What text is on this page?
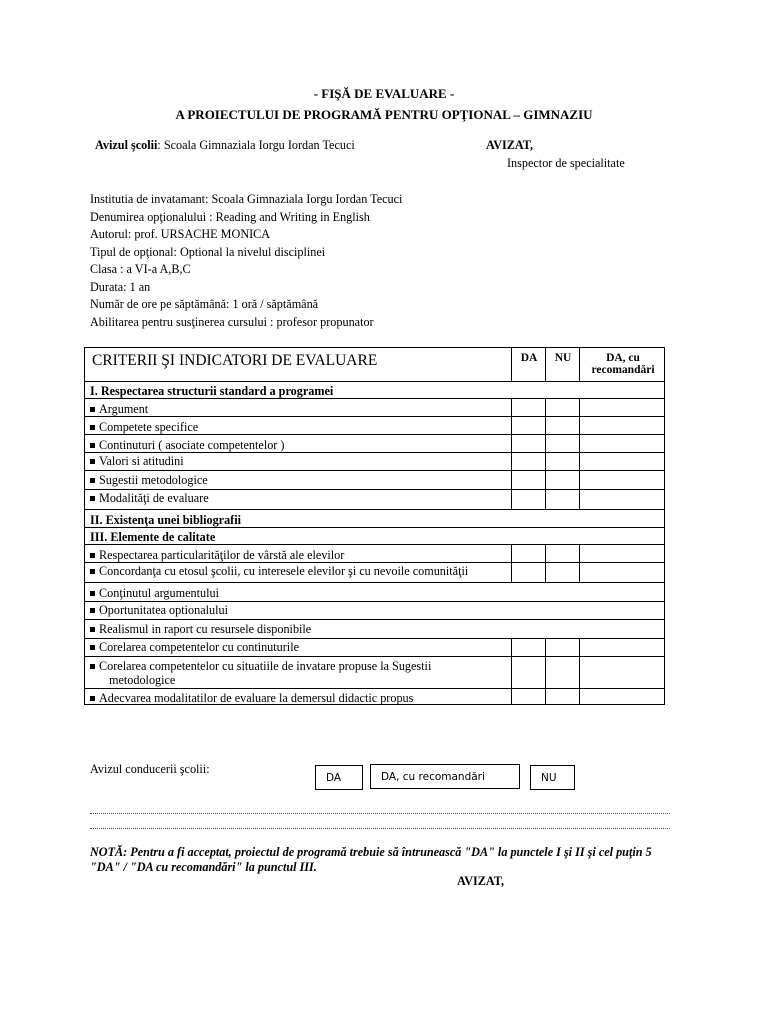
- FIŞĂ DE EVALUARE -
A PROIECTULUI DE PROGRAMĂ PENTRU OPŢIONAL – GIMNAZIU
Avizul şcolii: Scoala Gimnaziala Iorgu Iordan Tecuci	AVIZAT,
Inspector de specialitate
Institutia de invatamant: Scoala Gimnaziala Iorgu Iordan Tecuci
Denumirea opţionalului : Reading and Writing in English
Autorul: prof. URSACHE MONICA
Tipul de opţional: Optional la nivelul disciplinei
Clasa : a VI-a A,B,C
Durata: 1 an
Număr de ore pe săptămână: 1 oră / săptămână
Abilitarea pentru susţinerea cursului : profesor propunator
CRITERII ŞI INDICATORI DE EVALUARE	DA	NU	DA, cu
recomandări
I. Respectarea structurii standard a programei
Argument
Competete specifice
Continuturi ( asociate competentelor )
Valori si atitudini
Sugestii metodologice
Modalităţi de evaluare
II. Existenţa unei bibliografii
III. Elemente de calitate
Respectarea particularităţilor de vârstă ale elevilor
Concordanţa cu etosul şcolii, cu interesele elevilor şi cu nevoile comunităţii
Conţinutul argumentului
Oportunitatea optionalului
Realismul in raport cu resursele disponibile
Corelarea competentelor cu continuturile
Corelarea competentelor cu situatiile de invatare propuse la Sugestii
metodologice
Adecvarea modalitatilor de evaluare la demersul didactic propus
Avizul conducerii şcolii:
DA	DA, cu recomandări	NU
NOTĂ: Pentru a fi acceptat, proiectul de programă trebuie să întrunească "DA" la punctele I şi II şi cel puţin 5 "DA" / "DA cu recomandări" la punctul III.
AVIZAT,
